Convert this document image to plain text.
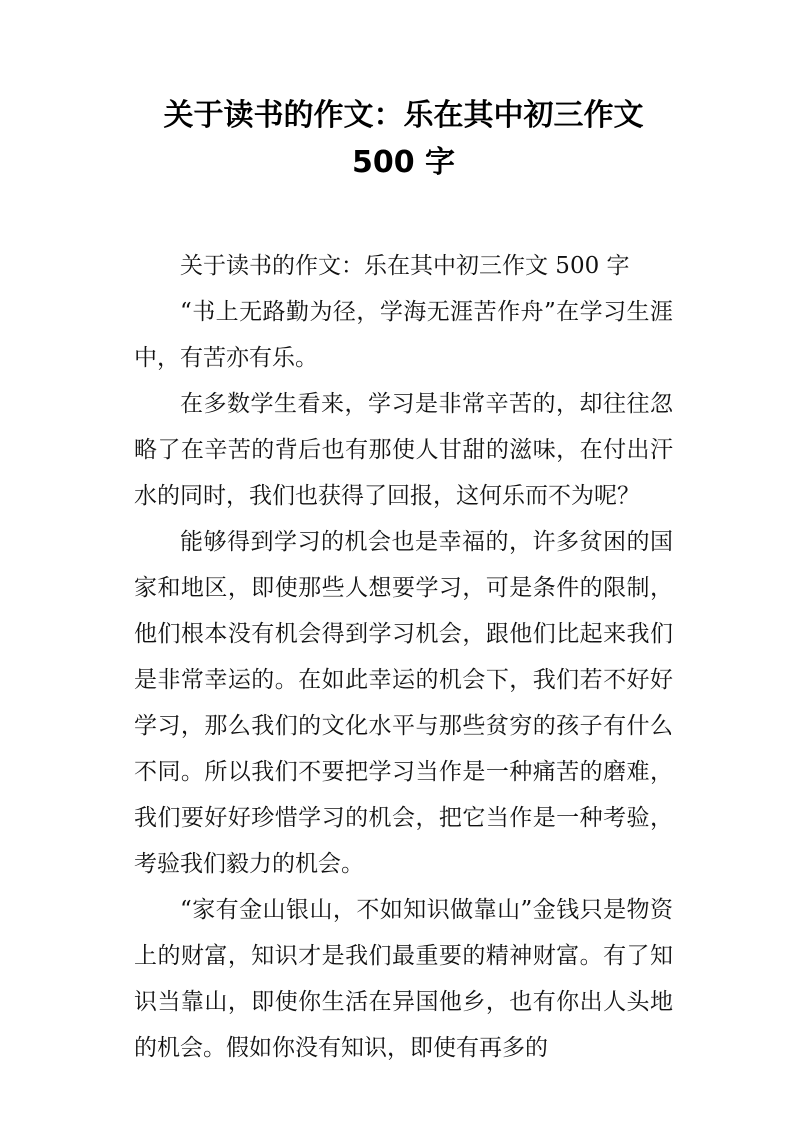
关于读书的作文：乐在其中初三作文
500 字

关于读书的作文：乐在其中初三作文 500 字

“书上无路勤为径，学海无涯苦作舟”在学习生涯中，有苦亦有乐。

在多数学生看来，学习是非常辛苦的，却往往忽略了在辛苦的背后也有那使人甘甜的滋味，在付出汗水的同时，我们也获得了回报，这何乐而不为呢？

能够得到学习的机会也是幸福的，许多贫困的国家和地区，即使那些人想要学习，可是条件的限制，他们根本没有机会得到学习机会，跟他们比起来我们是非常幸运的。在如此幸运的机会下，我们若不好好学习，那么我们的文化水平与那些贫穷的孩子有什么不同。所以我们不要把学习当作是一种痛苦的磨难，我们要好好珍惜学习的机会，把它当作是一种考验，考验我们毅力的机会。

“家有金山银山，不如知识做靠山”金钱只是物资上的财富，知识才是我们最重要的精神财富。有了知识当靠山，即使你生活在异国他乡，也有你出人头地的机会。假如你没有知识，即使有再多的
